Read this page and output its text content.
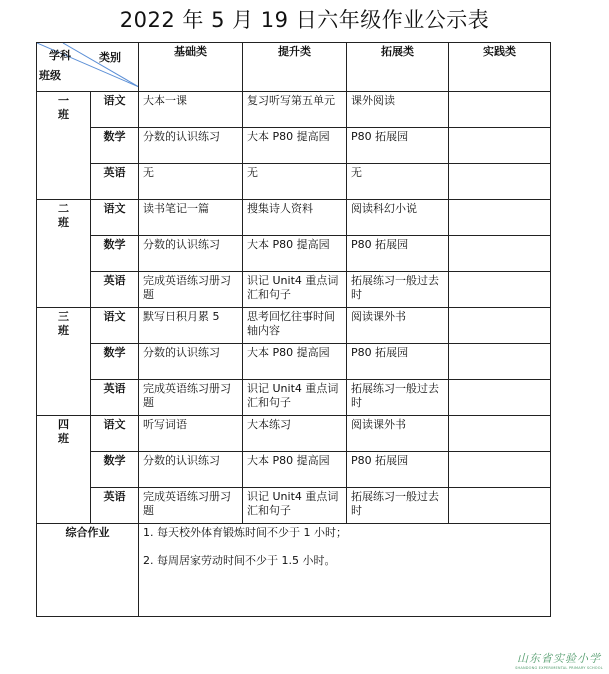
2022 年 5 月 19 日六年级作业公示表
学科 类别
班级		基础类	提升类	拓展类	实践类
一班	语文	大本一课	复习听写第五单元	课外阅读	
	数学	分数的认识练习	大本 P80 提高园	P80 拓展园	
	英语	无	无	无	
二班	语文	读书笔记一篇	搜集诗人资料	阅读科幻小说	
	数学	分数的认识练习	大本 P80 提高园	P80 拓展园	
	英语	完成英语练习册习题	识记 Unit4 重点词汇和句子	拓展练习一般过去时	
三班	语文	默写日积月累 5	思考回忆往事时间轴内容	阅读课外书	
	数学	分数的认识练习	大本 P80 提高园	P80 拓展园	
	英语	完成英语练习册习题	识记 Unit4 重点词汇和句子	拓展练习一般过去时	
四班	语文	听写词语	大本练习	阅读课外书	
	数学	分数的认识练习	大本 P80 提高园	P80 拓展园	
	英语	完成英语练习册习题	识记 Unit4 重点词汇和句子	拓展练习一般过去时	
综合作业		1. 每天校外体育锻炼时间不少于 1 小时；

2. 每周居家劳动时间不少于 1.5 小时。			

山东省实验小学
SHANDONG EXPERIMENTAL PRIMARY SCHOOL
